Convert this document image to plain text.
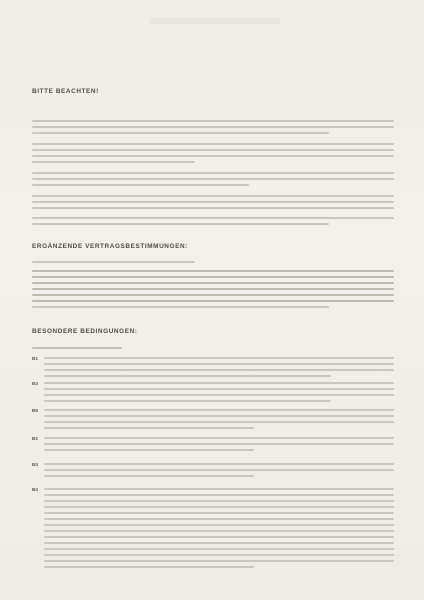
BITTE BEACHTEN!
ERGÄNZENDE VERTRAGSBESTIMMUNGEN:
BESONDERE BEDINGUNGEN:
B1
B3
B5
B2
B3
B4
